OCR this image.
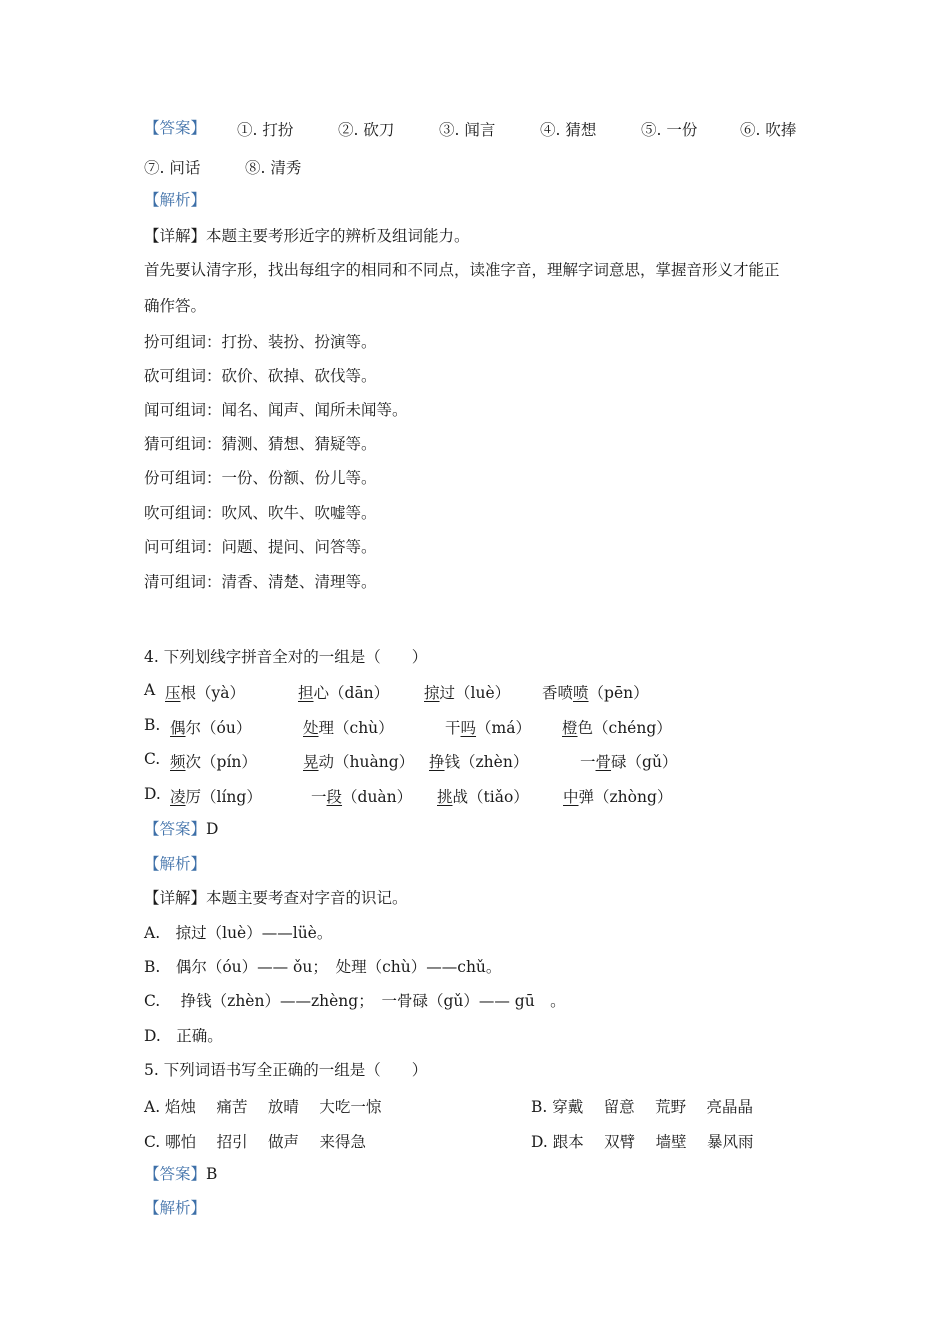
【答案】 ①. 打扮	②. 砍刀	③. 闻言	④. 猜想	⑤. 一份	⑥. 吹捧
⑦. 问话	⑧. 清秀
【解析】
【详解】本题主要考形近字的辨析及组词能力。
首先要认清字形，找出每组字的相同和不同点，读准字音，理解字词意思，掌握音形义才能正
确作答。
扮可组词：打扮、装扮、扮演等。
砍可组词：砍价、砍掉、砍伐等。
闻可组词：闻名、闻声、闻所未闻等。
猜可组词：猜测、猜想、猜疑等。
份可组词：一份、份额、份儿等。
吹可组词：吹风、吹牛、吹嘘等。
问可组词：问题、提问、问答等。
清可组词：清香、清楚、清理等。
4. 下列划线字拼音全对的一组是（　　）
A 压根（yà）	担心（dān） 掠过（luè） 香喷喷（pēn）
B. 偶尔（óu）	处理（chù）	干吗（má） 橙色（chéng）
C. 频次（pín）	晃动（huàng） 挣钱（zhèn）	一骨碌（gǔ）
D. 凌厉（líng）	一段（duàn） 挑战（tiǎo） 中弹（zhòng）
【答案】D
【解析】
【详解】本题主要考查对字音的识记。
A.　掠过（luè）——lüè。
B.　偶尔（óu）—— ǒu；　处理（chù）——chǔ。
C.　 挣钱（zhèn）——zhèng；　一骨碌（gǔ）—— gū　。
D.　正确。
5. 下列词语书写全正确的一组是（　　）
A. 焰烛　 痛苦　 放晴　 大吃一惊	B. 穿戴　 留意　 荒野　 亮晶晶
C. 哪怕　 招引　 做声　 来得急	D. 跟本　 双臂　 墙壁　 暴风雨
【答案】B
【解析】
